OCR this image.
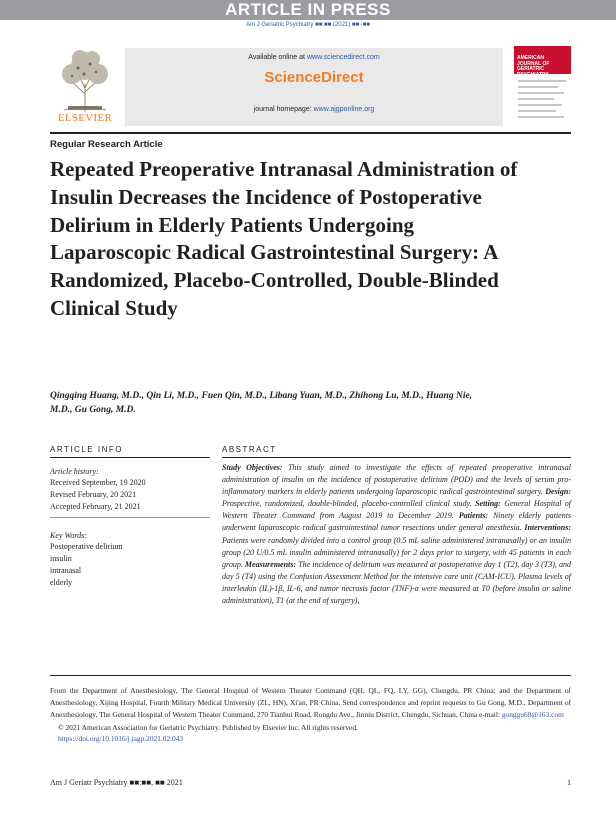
ARTICLE IN PRESS
Am J Geriatric Psychiatry ■■:■■ (2021) ■■−■■
ELSEVIER
Available online at www.sciencedirect.com
ScienceDirect
journal homepage: www.ajgponline.org
AMERICAN JOURNAL OF GERIATRIC
Regular Research Article
Repeated Preoperative Intranasal Administration of Insulin Decreases the Incidence of Postoperative Delirium in Elderly Patients Undergoing Laparoscopic Radical Gastrointestinal Surgery: A Randomized, Placebo-Controlled, Double-Blinded Clinical Study
Qingqing Huang, M.D., Qin Li, M.D., Fuen Qin, M.D., Libang Yuan, M.D., Zhihong Lu, M.D., Huang Nie, M.D., Gu Gong, M.D.
ARTICLE INFO	ABSTRACT
Article history:
Received September, 19 2020
Revised February, 20 2021
Accepted February, 21 2021
Key Words:
Postoperative delirium
insulin
intranasal
elderly
Study Objectives: This study aimed to investigate the effects of repeated preoperative intranasal administration of insulin on the incidence of postoperative delirium (POD) and the levels of serum pro-inflammatory markers in elderly patients undergoing laparoscopic radical gastrointestinal surgery. Design: Prospective, randomized, double-blinded, placebo-controlled clinical study. Setting: General Hospital of Western Theater Command from August 2019 to December 2019. Patients: Ninety elderly patients underwent laparoscopic radical gastrointestinal tumor resections under general anesthesia. Interventions: Patients were randomly divided into a control group (0.5 mL saline administered intranasally) or an insulin group (20 U/0.5 mL insulin administered intranasally) for 2 days prior to surgery, with 45 patients in each group. Measurements: The incidence of delirium was measured at postoperative day 1 (T2), day 3 (T3), and day 5 (T4) using the Confusion Assessment Method for the intensive care unit (CAM-ICU). Plasma levels of interleukin (IL)-1β, IL-6, and tumor necrosis factor (TNF)-α were measured at T0 (before insulin or saline administration), T1 (at the end of surgery),
From the Department of Anesthesiology, The General Hospital of Western Theater Command (QH, QL, FQ, LY, GG), Chengdu, PR China; and the Department of Anesthesiology, Xijing Hospital, Fourth Military Medical University (ZL, HN), Xi'an, PR China. Send correspondence and reprint requests to Gu Gong, M.D., Department of Anesthesiology, The General Hospital of Western Theater Command, 270 Tianhui Road, Rongdu Ave., Jinniu District, Chengdu, Sichuan, China e-mail: gonggu68@163.com
© 2021 American Association for Geriatric Psychiatry. Published by Elsevier Inc. All rights reserved.
https://doi.org/10.1016/j.jagp.2021.02.043
Am J Geriatr Psychiatry ■■:■■, ■■ 2021	1
